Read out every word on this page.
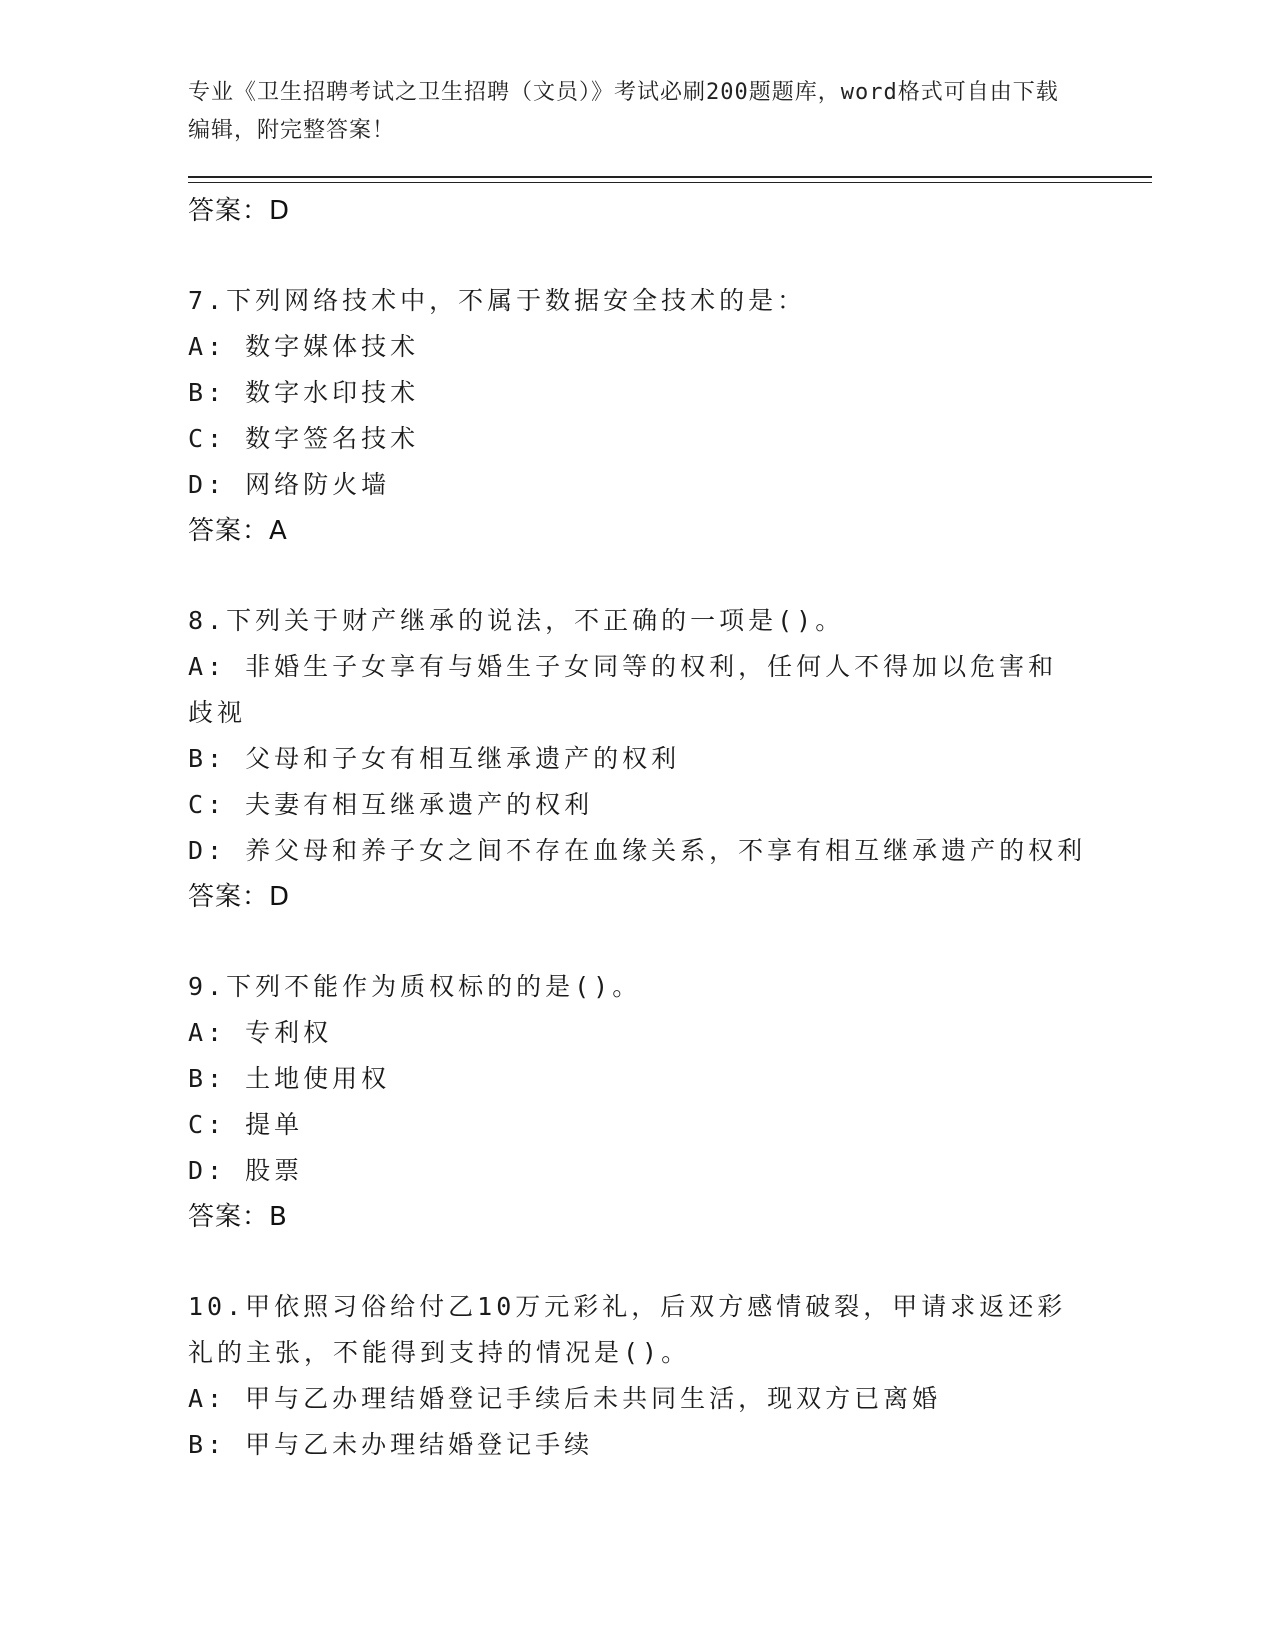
专业《卫生招聘考试之卫生招聘（文员）》考试必刷200题题库，word格式可自由下载编辑，附完整答案！
答案：D
7.下列网络技术中，不属于数据安全技术的是：
A: 数字媒体技术
B: 数字水印技术
C: 数字签名技术
D: 网络防火墙
答案：A
8.下列关于财产继承的说法，不正确的一项是()。
A: 非婚生子女享有与婚生子女同等的权利，任何人不得加以危害和歧视
B: 父母和子女有相互继承遗产的权利
C: 夫妻有相互继承遗产的权利
D: 养父母和养子女之间不存在血缘关系，不享有相互继承遗产的权利
答案：D
9.下列不能作为质权标的的是()。
A: 专利权
B: 土地使用权
C: 提单
D: 股票
答案：B
10.甲依照习俗给付乙10万元彩礼，后双方感情破裂，甲请求返还彩礼的主张，不能得到支持的情况是()。
A: 甲与乙办理结婚登记手续后未共同生活，现双方已离婚
B: 甲与乙未办理结婚登记手续
